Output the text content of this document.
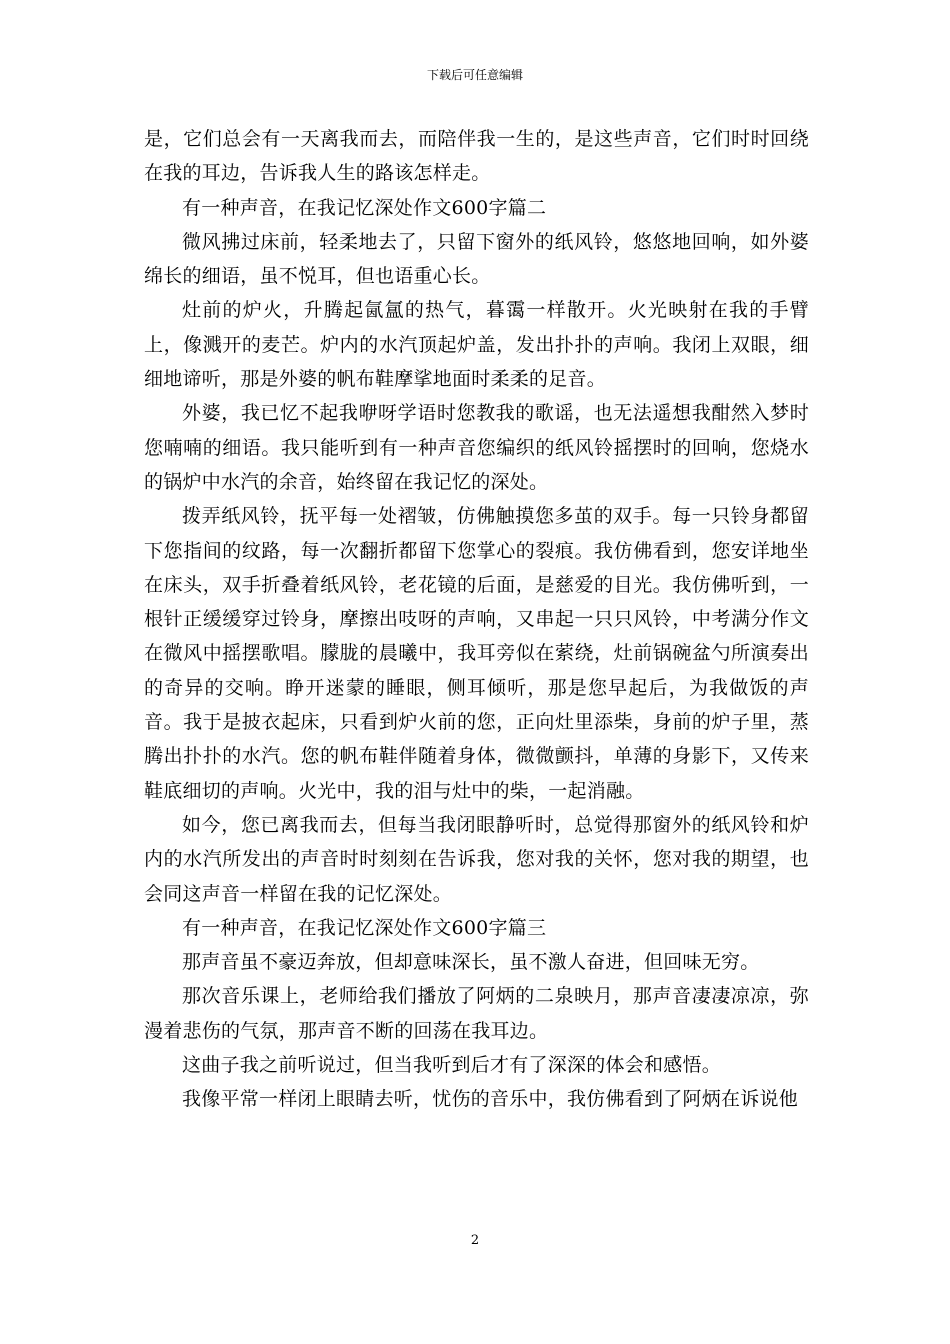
下载后可任意编辑

是，它们总会有一天离我而去，而陪伴我一生的，是这些声音，它们时时回绕在我的耳边，告诉我人生的路该怎样走。

有一种声音，在我记忆深处作文600字篇二

微风拂过床前，轻柔地去了，只留下窗外的纸风铃，悠悠地回响，如外婆绵长的细语，虽不悦耳，但也语重心长。

灶前的炉火，升腾起氤氲的热气，暮霭一样散开。火光映射在我的手臂上，像溅开的麦芒。炉内的水汽顶起炉盖，发出扑扑的声响。我闭上双眼，细细地谛听，那是外婆的帆布鞋摩挲地面时柔柔的足音。

外婆，我已忆不起我咿呀学语时您教我的歌谣，也无法遥想我酣然入梦时您喃喃的细语。我只能听到有一种声音您编织的纸风铃摇摆时的回响，您烧水的锅炉中水汽的余音，始终留在我记忆的深处。

拨弄纸风铃，抚平每一处褶皱，仿佛触摸您多茧的双手。每一只铃身都留下您指间的纹路，每一次翻折都留下您掌心的裂痕。我仿佛看到，您安详地坐在床头，双手折叠着纸风铃，老花镜的后面，是慈爱的目光。我仿佛听到，一根针正缓缓穿过铃身，摩擦出吱呀的声响，又串起一只只风铃，中考满分作文在微风中摇摆歌唱。朦胧的晨曦中，我耳旁似在萦绕，灶前锅碗盆勺所演奏出的奇异的交响。睁开迷蒙的睡眼，侧耳倾听，那是您早起后，为我做饭的声音。我于是披衣起床，只看到炉火前的您，正向灶里添柴，身前的炉子里，蒸腾出扑扑的水汽。您的帆布鞋伴随着身体，微微颤抖，单薄的身影下，又传来鞋底细切的声响。火光中，我的泪与灶中的柴，一起消融。

如今，您已离我而去，但每当我闭眼静听时，总觉得那窗外的纸风铃和炉内的水汽所发出的声音时时刻刻在告诉我，您对我的关怀，您对我的期望，也会同这声音一样留在我的记忆深处。

有一种声音，在我记忆深处作文600字篇三

那声音虽不豪迈奔放，但却意味深长，虽不激人奋进，但回味无穷。

那次音乐课上，老师给我们播放了阿炳的二泉映月，那声音凄凄凉凉，弥漫着悲伤的气氛，那声音不断的回荡在我耳边。

这曲子我之前听说过，但当我听到后才有了深深的体会和感悟。

我像平常一样闭上眼睛去听，忧伤的音乐中，我仿佛看到了阿炳在诉说他

2
